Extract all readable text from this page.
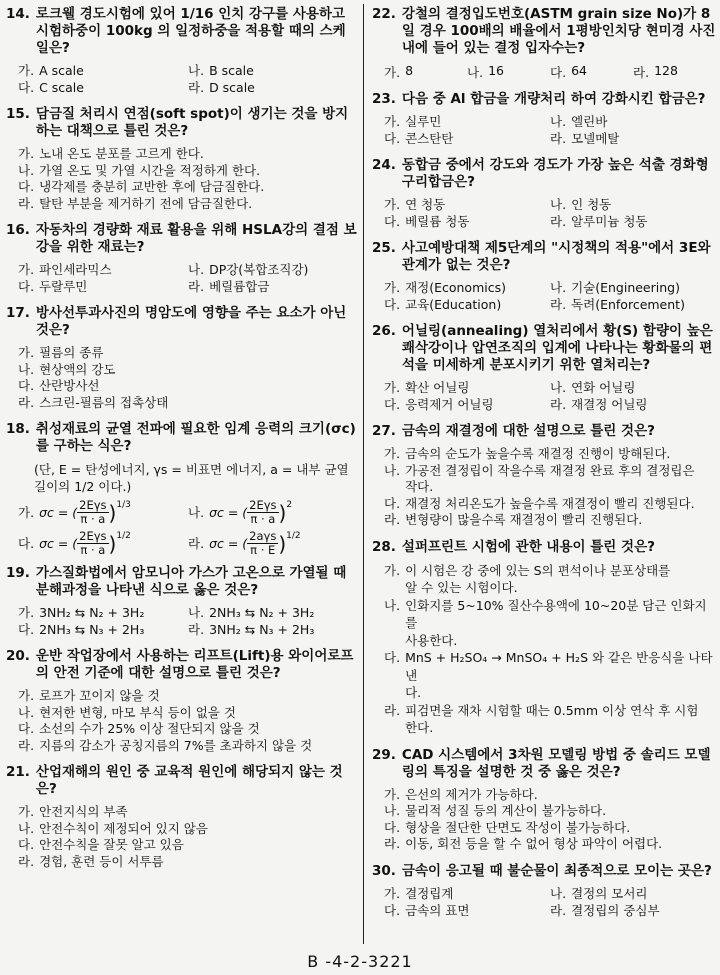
14. 로크웰 경도시험에 있어 1/16 인치 강구를 사용하고 시험하중이 100kg 의 일정하중을 적용할 때의 스케일은?
가. A scale	나. B scale
다. C scale	라. D scale
15. 담금질 처리시 연점(soft spot)이 생기는 것을 방지하는 대책으로 틀린 것은?
가. 노내 온도 분포를 고르게 한다.
나. 가열 온도 및 가열 시간을 적정하게 한다.
다. 냉각제를 충분히 교반한 후에 담금질한다.
라. 탈탄 부분을 제거하기 전에 담금질한다.
16. 자동차의 경량화 재료 활용을 위해 HSLA강의 결점 보강을 위한 재료는?
가. 파인세라믹스	나. DP강(복합조직강)
다. 두랄루민	라. 베릴륨합금
17. 방사선투과사진의 명암도에 영향을 주는 요소가 아닌 것은?
가. 필름의 종류
나. 현상액의 강도
다. 산란방사선
라. 스크린-필름의 접촉상태
18. 취성재료의 균열 전파에 필요한 임계 응력의 크기(σc)를 구하는 식은?
(단, E = 탄성에너지, γs = 비표면 에너지, a = 내부 균열
길이의 1/2 이다.)
가. σc = ( $\frac{\text{2Eγs}}{\pi \cdot a}$ ) 1/3	나. σc = ( $\frac{\text{2Eγs}}{\pi \cdot a}$ ) 2
다. σc = ( $\frac{\text{2Eγs}}{\pi \cdot a}$ ) 1/2	라. σc = ( $\frac{\text{2aγs}}{\pi \cdot E}$ ) 1/2
19. 가스질화법에서 암모니아 가스가 고온으로 가열될 때 분해과정을 나타낸 식으로 옳은 것은?
가. 3NH₂ ⇆ N₂ + 3H₂	나. 2NH₃ ⇆ N₂ + 3H₂
다. 2NH₃ ⇆ N₃ + 2H₃	라. 3NH₂ ⇆ N₃ + 2H₃
20. 운반 작업장에서 사용하는 리프트(Lift)용 와이어로프의 안전 기준에 대한 설명으로 틀린 것은?
가. 로프가 꼬이지 않을 것
나. 현저한 변형, 마모 부식 등이 없을 것
다. 소선의 수가 25% 이상 절단되지 않을 것
라. 지름의 감소가 공칭지름의 7%를 초과하지 않을 것
21. 산업재해의 원인 중 교육적 원인에 해당되지 않는 것은?
가. 안전지식의 부족
나. 안전수칙이 제정되어 있지 않음
다. 안전수칙을 잘못 알고 있음
라. 경험, 훈련 등이 서투름
22. 강철의 결정입도번호(ASTM grain size No)가 8일 경우 100배의 배율에서 1평방인치당 현미경 사진 내에 들어 있는 결정 입자수는?
가. 8	나. 16	다. 64	라. 128
23. 다음 중 Al 합금을 개량처리 하여 강화시킨 합금은?
가. 실루민	나. 엘린바
다. 콘스탄탄	라. 모넬메탈
24. 동합금 중에서 강도와 경도가 가장 높은 석출 경화형 구리합금은?
가. 연 청동	나. 인 청동
다. 베릴륨 청동	라. 알루미늄 청동
25. 사고예방대책 제5단계의 "시정책의 적용"에서 3E와 관계가 없는 것은?
가. 재정(Economics)	나. 기술(Engineering)
다. 교육(Education)	라. 독려(Enforcement)
26. 어닐링(annealing) 열처리에서 황(S) 함량이 높은 쾌삭강이나 압연조직의 입계에 나타나는 황화물의 편석을 미세하게 분포시키기 위한 열처리는?
가. 확산 어닐링	나. 연화 어닐링
다. 응력제거 어닐링	라. 재결정 어닐링
27. 금속의 재결정에 대한 설명으로 틀린 것은?
가. 금속의 순도가 높을수록 재결정 진행이 방해된다.
나. 가공전 결정립이 작을수록 재결정 완료 후의 결정립은
작다.
다. 재결정 처리온도가 높을수록 재결정이 빨리 진행된다.
라. 변형량이 많을수록 재결정이 빨리 진행된다.
28. 설퍼프린트 시험에 관한 내용이 틀린 것은?
가. 이 시험은 강 중에 있는 S의 편석이나 분포상태를
알 수 있는 시험이다.
나. 인화지를 5~10% 질산수용액에 10~20분 담근 인화지를
사용한다.
다. MnS + H₂SO₄ → MnSO₄ + H₂S 와 같은 반응식을 나타낸
다.
라. 피검면을 재차 시험할 때는 0.5mm 이상 연삭 후 시험
한다.
29. CAD 시스템에서 3차원 모델링 방법 중 솔리드 모델링의 특징을 설명한 것 중 옳은 것은?
가. 은선의 제거가 가능하다.
나. 물리적 성질 등의 계산이 불가능하다.
다. 형상을 절단한 단면도 작성이 불가능하다.
라. 이동, 회전 등을 할 수 없어 형상 파악이 어렵다.
30. 금속이 응고될 때 불순물이 최종적으로 모이는 곳은?
가. 결정립계	나. 결정의 모서리
다. 금속의 표면	라. 결정립의 중심부
B -4-2-3221
